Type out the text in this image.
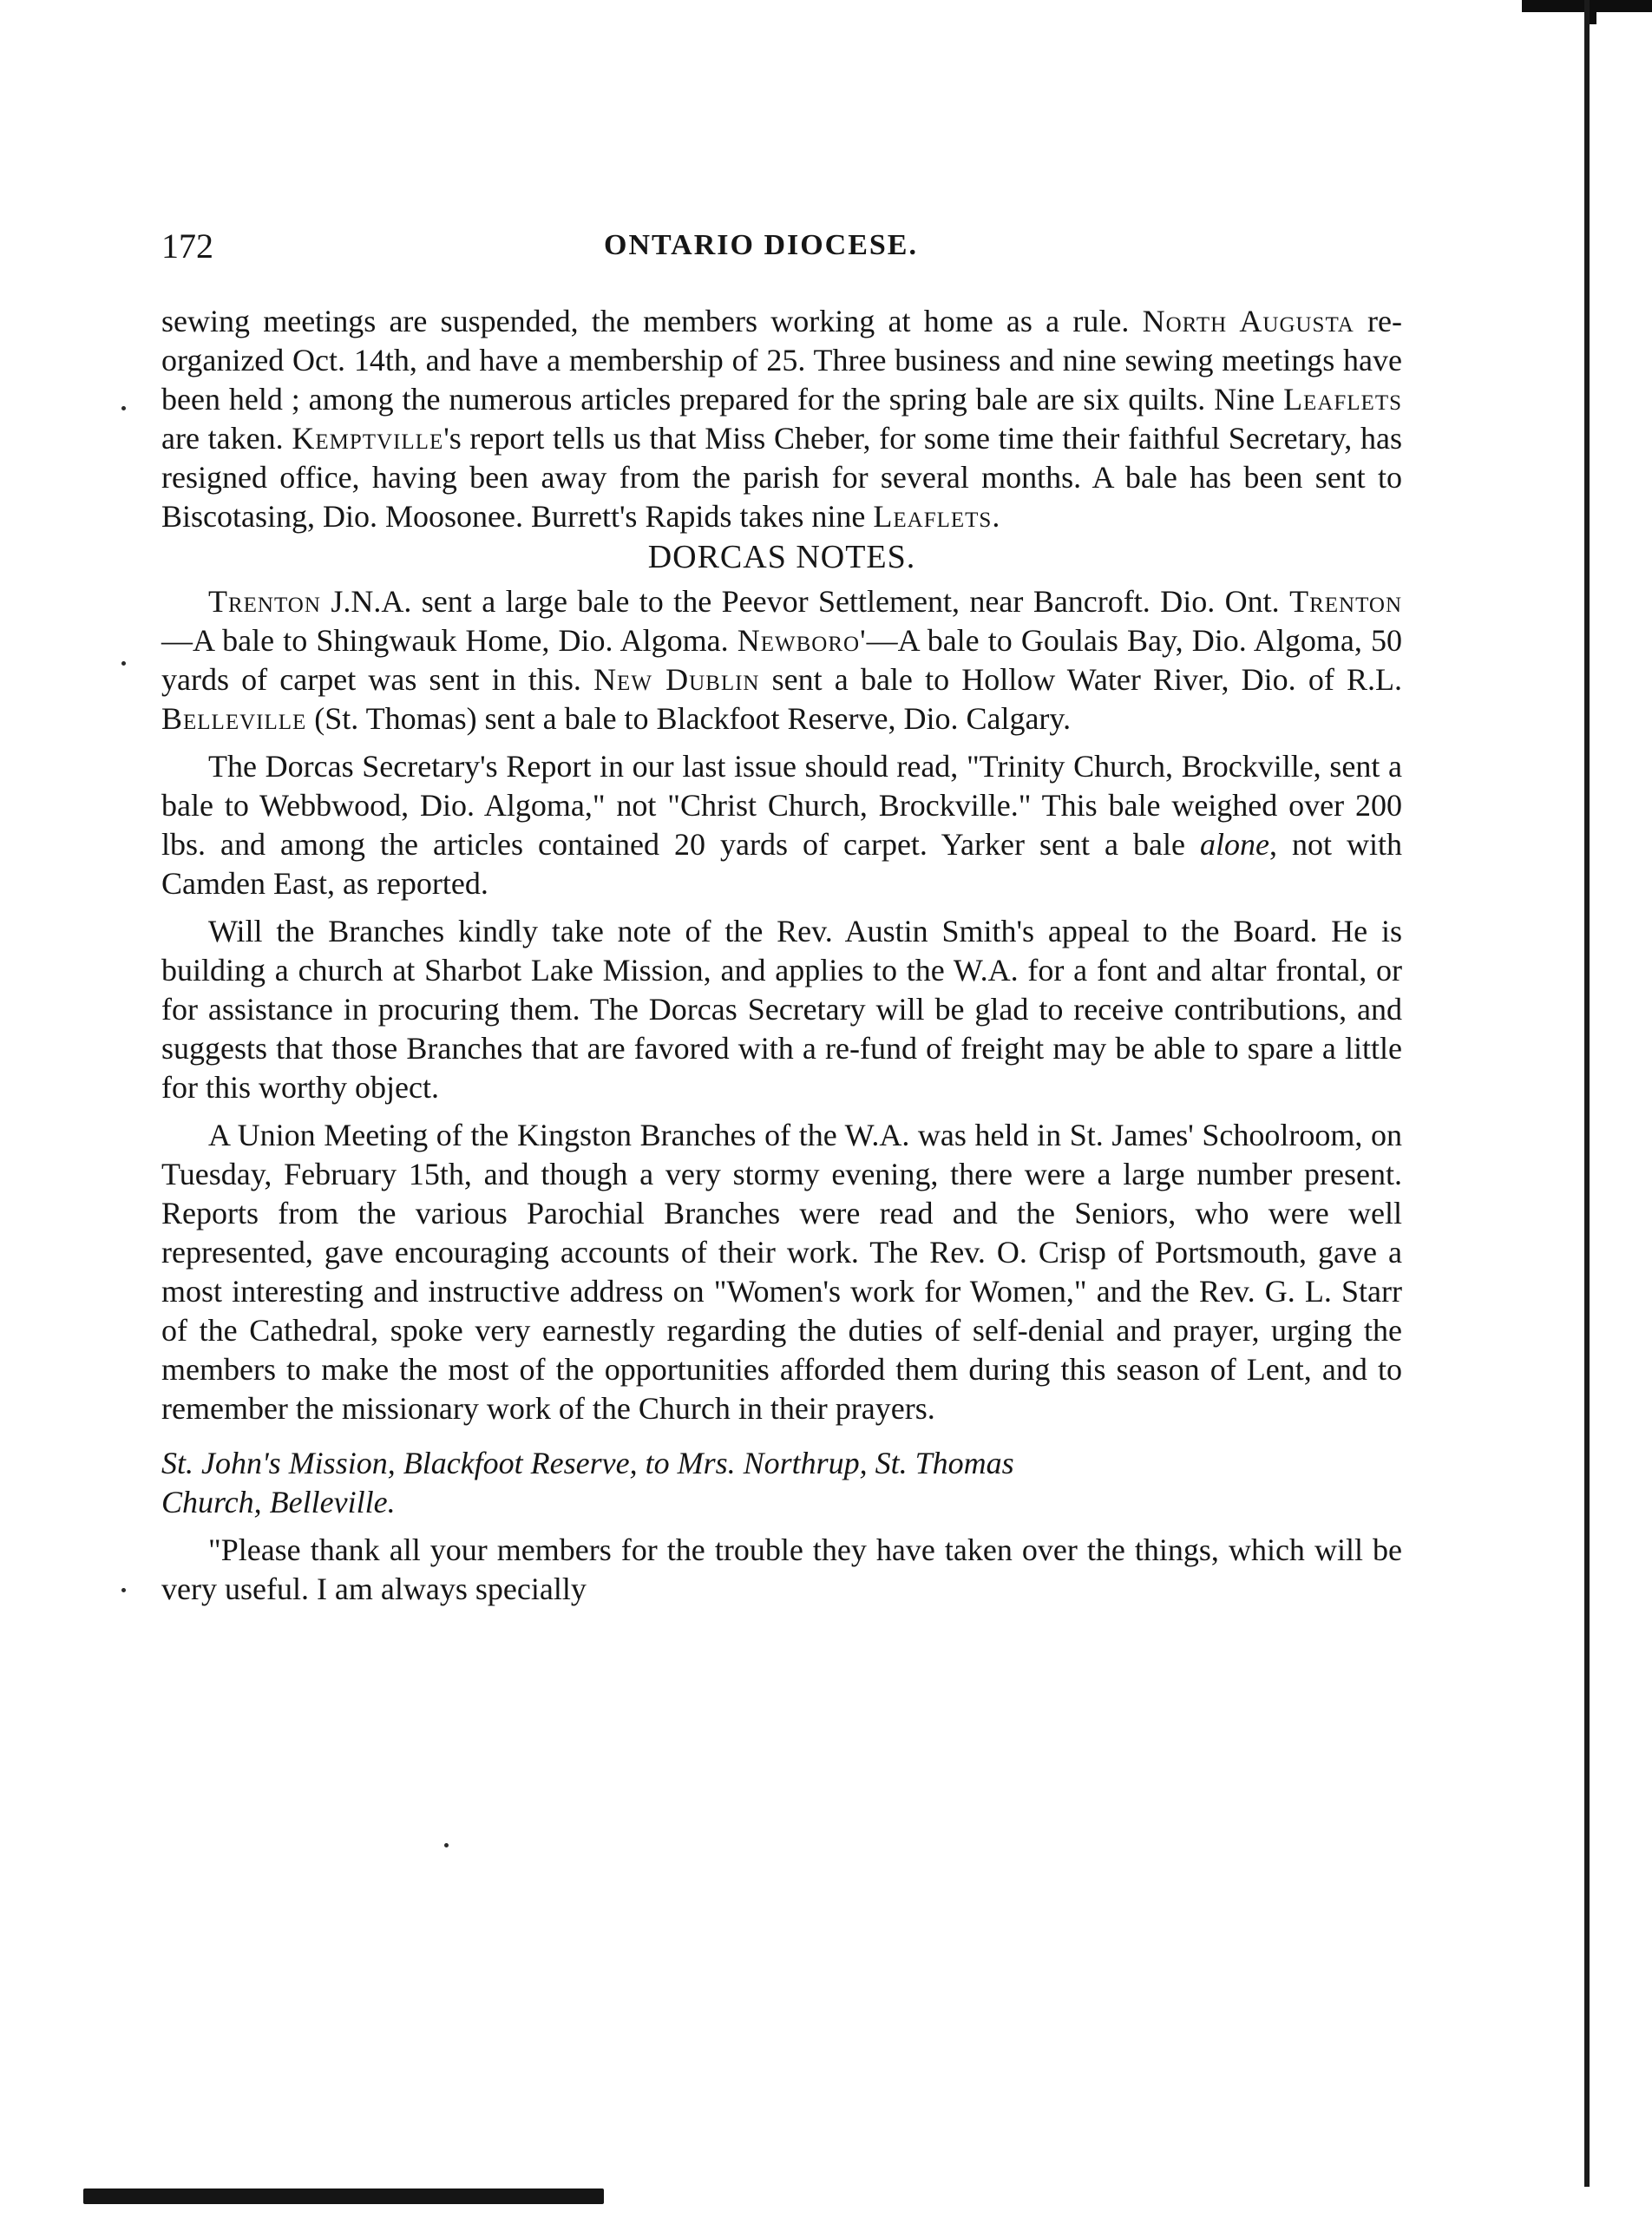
172	ONTARIO DIOCESE.

sewing meetings are suspended, the members working at home as a rule. North Augusta re-organized Oct. 14th, and have a membership of 25. Three business and nine sewing meetings have been held ; among the numerous articles prepared for the spring bale are six quilts. Nine Leaflets are taken. Kemptville's report tells us that Miss Cheber, for some time their faithful Secretary, has resigned office, having been away from the parish for several months. A bale has been sent to Biscotasing, Dio. Moosonee. Burrett's Rapids takes nine Leaflets.

DORCAS NOTES.

Trenton J.N.A. sent a large bale to the Peevor Settlement, near Bancroft. Dio. Ont. Trenton—A bale to Shingwauk Home, Dio. Algoma. Newboro'—A bale to Goulais Bay, Dio. Algoma, 50 yards of carpet was sent in this. New Dublin sent a bale to Hollow Water River, Dio. of R.L. Belleville (St. Thomas) sent a bale to Blackfoot Reserve, Dio. Calgary.

The Dorcas Secretary's Report in our last issue should read, "Trinity Church, Brockville, sent a bale to Webbwood, Dio. Algoma," not "Christ Church, Brockville." This bale weighed over 200 lbs. and among the articles contained 20 yards of carpet. Yarker sent a bale alone, not with Camden East, as reported.

Will the Branches kindly take note of the Rev. Austin Smith's appeal to the Board. He is building a church at Sharbot Lake Mission, and applies to the W.A. for a font and altar frontal, or for assistance in procuring them. The Dorcas Secretary will be glad to receive contributions, and suggests that those Branches that are favored with a re-fund of freight may be able to spare a little for this worthy object.

A Union Meeting of the Kingston Branches of the W.A. was held in St. James' Schoolroom, on Tuesday, February 15th, and though a very stormy evening, there were a large number present. Reports from the various Parochial Branches were read and the Seniors, who were well represented, gave encouraging accounts of their work. The Rev. O. Crisp of Portsmouth, gave a most interesting and instructive address on "Women's work for Women," and the Rev. G. L. Starr of the Cathedral, spoke very earnestly regarding the duties of self-denial and prayer, urging the members to make the most of the opportunities afforded them during this season of Lent, and to remember the missionary work of the Church in their prayers.

St. John's Mission, Blackfoot Reserve, to Mrs. Northrup, St. Thomas
Church, Belleville.

"Please thank all your members for the trouble they have taken over the things, which will be very useful. I am always specially
